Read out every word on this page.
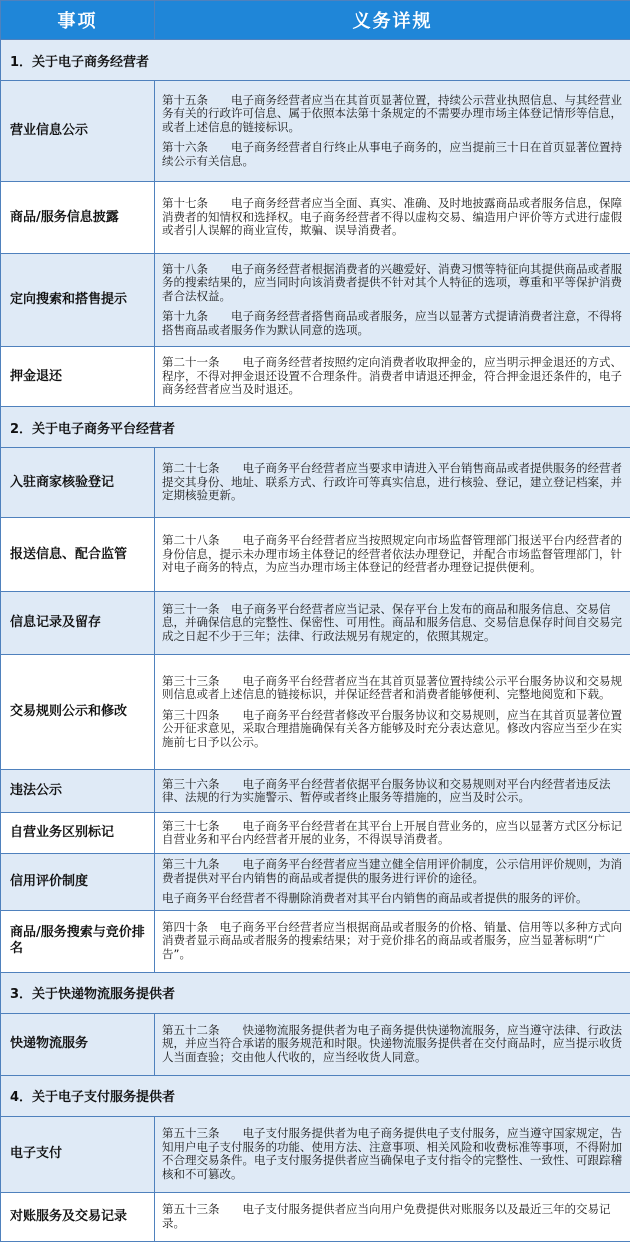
事项	义务详规
1．关于电子商务经营者	
营业信息公示	第十五条　　电子商务经营者应当在其首页显著位置，持续公示营业执照信息、与其经营业务有关的行政许可信息、属于依照本法第十条规定的不需要办理市场主体登记情形等信息，或者上述信息的链接标识。

第十六条　　电子商务经营者自行终止从事电子商务的，应当提前三十日在首页显著位置持续公示有关信息。

商品/服务信息披露	第十七条　　电子商务经营者应当全面、真实、准确、及时地披露商品或者服务信息，保障消费者的知情权和选择权。电子商务经营者不得以虚构交易、编造用户评价等方式进行虚假或者引人误解的商业宣传，欺骗、误导消费者。

定向搜索和搭售提示	第十八条　　电子商务经营者根据消费者的兴趣爱好、消费习惯等特征向其提供商品或者服务的搜索结果的，应当同时向该消费者提供不针对其个人特征的选项，尊重和平等保护消费者合法权益。

第十九条　　电子商务经营者搭售商品或者服务，应当以显著方式提请消费者注意，不得将搭售商品或者服务作为默认同意的选项。

押金退还	第二十一条　　电子商务经营者按照约定向消费者收取押金的，应当明示押金退还的方式、程序，不得对押金退还设置不合理条件。消费者申请退还押金，符合押金退还条件的，电子商务经营者应当及时退还。

2．关于电子商务平台经营者	
入驻商家核验登记	第二十七条　　电子商务平台经营者应当要求申请进入平台销售商品或者提供服务的经营者提交其身份、地址、联系方式、行政许可等真实信息，进行核验、登记，建立登记档案，并定期核验更新。

报送信息、配合监管	第二十八条　　电子商务平台经营者应当按照规定向市场监督管理部门报送平台内经营者的身份信息，提示未办理市场主体登记的经营者依法办理登记，并配合市场监督管理部门，针对电子商务的特点，为应当办理市场主体登记的经营者办理登记提供便利。

信息记录及留存	第三十一条　电子商务平台经营者应当记录、保存平台上发布的商品和服务信息、交易信息，并确保信息的完整性、保密性、可用性。商品和服务信息、交易信息保存时间自交易完成之日起不少于三年；法律、行政法规另有规定的，依照其规定。

交易规则公示和修改	第三十三条　　电子商务平台经营者应当在其首页显著位置持续公示平台服务协议和交易规则信息或者上述信息的链接标识，并保证经营者和消费者能够便利、完整地阅览和下载。

第三十四条　　电子商务平台经营者修改平台服务协议和交易规则，应当在其首页显著位置公开征求意见，采取合理措施确保有关各方能够及时充分表达意见。修改内容应当至少在实施前七日予以公示。

违法公示	第三十六条　　电子商务平台经营者依据平台服务协议和交易规则对平台内经营者违反法律、法规的行为实施警示、暂停或者终止服务等措施的，应当及时公示。

自营业务区别标记	第三十七条　　电子商务平台经营者在其平台上开展自营业务的，应当以显著方式区分标记自营业务和平台内经营者开展的业务，不得误导消费者。

信用评价制度	第三十九条　　电子商务平台经营者应当建立健全信用评价制度，公示信用评价规则，为消费者提供对平台内销售的商品或者提供的服务进行评价的途径。

电子商务平台经营者不得删除消费者对其平台内销售的商品或者提供的服务的评价。

商品/服务搜索与竞价排名	第四十条　电子商务平台经营者应当根据商品或者服务的价格、销量、信用等以多种方式向消费者显示商品或者服务的搜索结果；对于竞价排名的商品或者服务，应当显著标明“广告”。

3．关于快递物流服务提供者	
快递物流服务	第五十二条　　快递物流服务提供者为电子商务提供快递物流服务，应当遵守法律、行政法规，并应当符合承诺的服务规范和时限。快递物流服务提供者在交付商品时，应当提示收货人当面查验；交由他人代收的，应当经收货人同意。

4．关于电子支付服务提供者	
电子支付	第五十三条　　电子支付服务提供者为电子商务提供电子支付服务，应当遵守国家规定，告知用户电子支付服务的功能、使用方法、注意事项、相关风险和收费标准等事项，不得附加不合理交易条件。电子支付服务提供者应当确保电子支付指令的完整性、一致性、可跟踪稽核和不可篡改。

对账服务及交易记录	第五十三条　　电子支付服务提供者应当向用户免费提供对账服务以及最近三年的交易记录。
